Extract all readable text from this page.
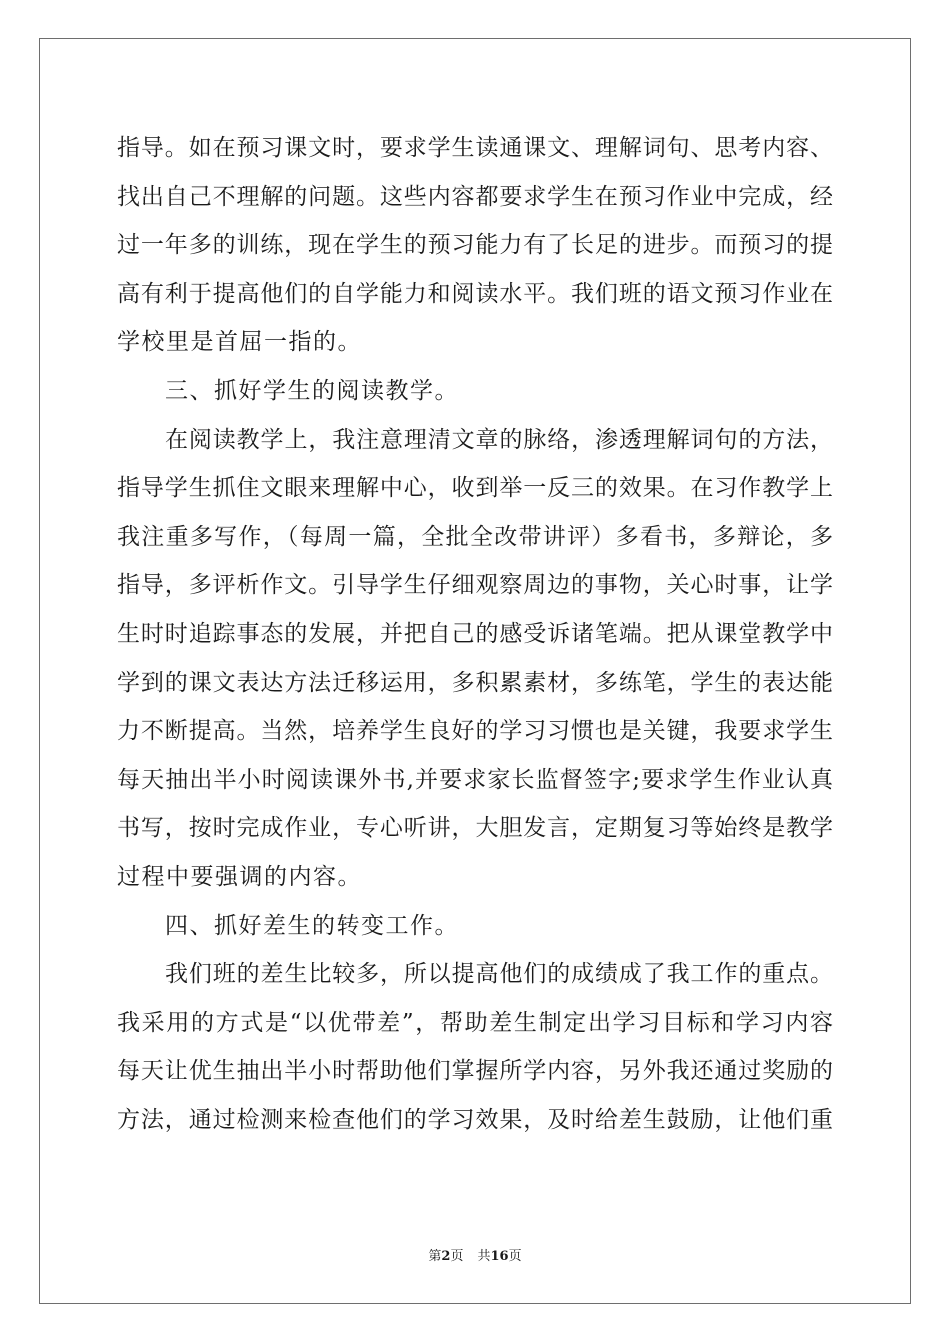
指导。如在预习课文时，要求学生读通课文、理解词句、思考内容、
找出自己不理解的问题。这些内容都要求学生在预习作业中完成，经
过一年多的训练，现在学生的预习能力有了长足的进步。而预习的提
高有利于提高他们的自学能力和阅读水平。我们班的语文预习作业在
学校里是首屈一指的。
三、抓好学生的阅读教学。
在阅读教学上，我注意理清文章的脉络，渗透理解词句的方法，
指导学生抓住文眼来理解中心，收到举一反三的效果。在习作教学上
我注重多写作，（每周一篇，全批全改带讲评）多看书，多辩论，多
指导，多评析作文。引导学生仔细观察周边的事物，关心时事，让学
生时时追踪事态的发展，并把自己的感受诉诸笔端。把从课堂教学中
学到的课文表达方法迁移运用，多积累素材，多练笔，学生的表达能
力不断提高。当然，培养学生良好的学习习惯也是关键，我要求学生
每天抽出半小时阅读课外书,并要求家长监督签字;要求学生作业认真
书写，按时完成作业，专心听讲，大胆发言，定期复习等始终是教学
过程中要强调的内容。
四、抓好差生的转变工作。
我们班的差生比较多，所以提高他们的成绩成了我工作的重点。
我采用的方式是“以优带差”，帮助差生制定出学习目标和学习内容
每天让优生抽出半小时帮助他们掌握所学内容，另外我还通过奖励的
方法，通过检测来检查他们的学习效果，及时给差生鼓励，让他们重
第2页 共16页
